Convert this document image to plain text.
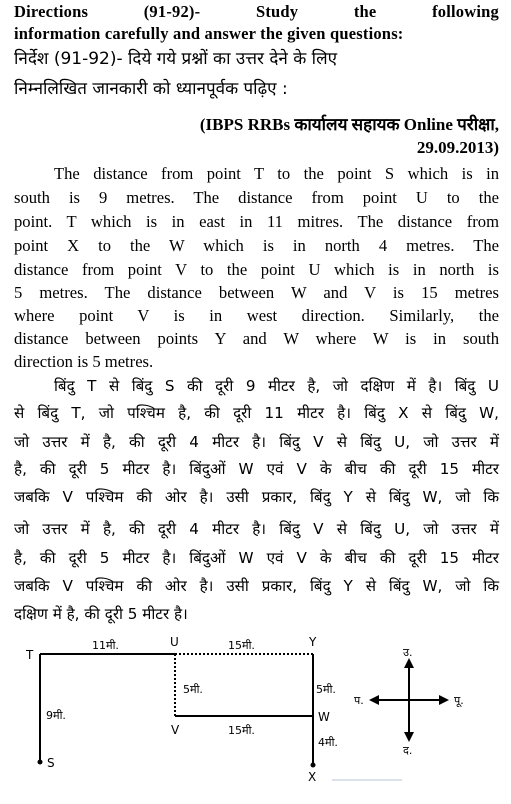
Directions (91-92)- Study the following
information carefully and answer the given questions:
निर्देश (91-92)- दिये गये प्रश्नों का उत्तर देने के लिए
निम्नलिखित जानकारी को ध्यानपूर्वक पढ़िए :
(IBPS RRBs कार्यालय सहायक Online परीक्षा,
29.09.2013)
The distance from point T to the point S which is in
south is 9 metres. The distance from point U to the
point. T which is in east in 11 mitres. The distance from
point X to the W which is in north 4 metres. The
distance from point V to the point U which is in north is
5 metres. The distance between W and V is 15 metres
where point V is in west direction. Similarly, the
distance between points Y and W where W is in south
direction is 5 metres.
बिंदु T से बिंदु S की दूरी 9 मीटर है, जो दक्षिण में है। बिंदु U
से बिंदु T, जो पश्चिम है, की दूरी 11 मीटर है। बिंदु X से बिंदु W,
जो उत्तर में है, की दूरी 4 मीटर है। बिंदु V से बिंदु U, जो उत्तर में
है, की दूरी 5 मीटर है। बिंदुओं W एवं V के बीच की दूरी 15 मीटर
जबकि V पश्चिम की ओर है। उसी प्रकार, बिंदु Y से बिंदु W, जो कि
जो उत्तर में है, की दूरी 4 मीटर है। बिंदु V से बिंदु U, जो उत्तर में
है, की दूरी 5 मीटर है। बिंदुओं W एवं V के बीच की दूरी 15 मीटर
जबकि V पश्चिम की ओर है। उसी प्रकार, बिंदु Y से बिंदु W, जो कि
दक्षिण में है, की दूरी 5 मीटर है।
T
U	Y
S
V
W
X
11मी.	15मी.
5मी.	5मी.
9मी.
15मी.
4मी.
उ.
द.
प.	पू.
